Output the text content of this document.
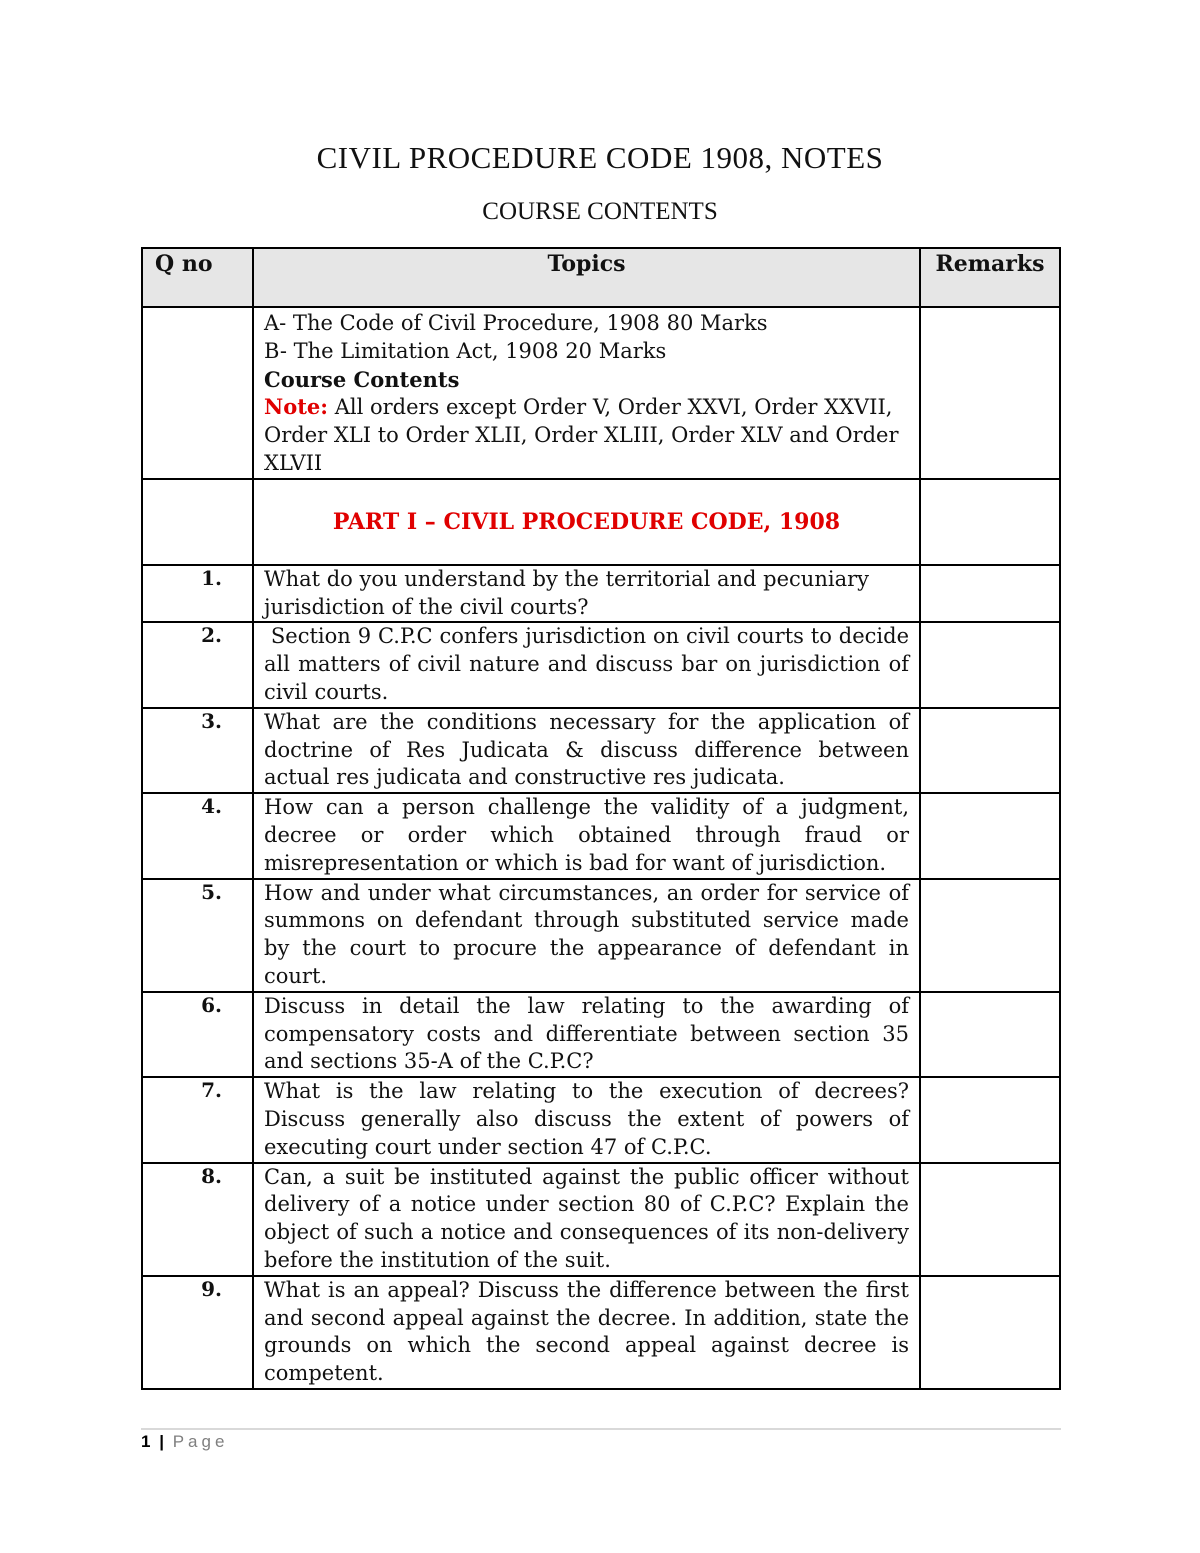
CIVIL PROCEDURE CODE 1908, NOTES
COURSE CONTENTS
Q no	Topics	Remarks

	A- The Code of Civil Procedure, 1908 80 Marks
B- The Limitation Act, 1908 20 Marks
Course Contents
Note: All orders except Order V, Order XXVI, Order XXVII, Order XLI to Order XLII, Order XLIII, Order XLV and Order XLVII	

	PART I – CIVIL PROCEDURE CODE, 1908	
1.	What do you understand by the territorial and pecuniary jurisdiction of the civil courts?	
2.	Section 9 C.P.C confers jurisdiction on civil courts to decide all matters of civil nature and discuss bar on jurisdiction of civil courts.	
3.	What are the conditions necessary for the application of doctrine of Res Judicata & discuss difference between actual res judicata and constructive res judicata.	
4.	How can a person challenge the validity of a judgment, decree or order which obtained through fraud or misrepresentation or which is bad for want of jurisdiction.	
5.	How and under what circumstances, an order for service of summons on defendant through substituted service made by the court to procure the appearance of defendant in court.	
6.	Discuss in detail the law relating to the awarding of compensatory costs and differentiate between section 35 and sections 35-A of the C.P.C?	
7.	What is the law relating to the execution of decrees? Discuss generally also discuss the extent of powers of executing court under section 47 of C.P.C.	
8.	Can, a suit be instituted against the public officer without delivery of a notice under section 80 of C.P.C? Explain the object of such a notice and consequences of its non-delivery before the institution of the suit.	
9.	What is an appeal? Discuss the difference between the first and second appeal against the decree. In addition, state the grounds on which the second appeal against decree is competent.	
1 | Page
